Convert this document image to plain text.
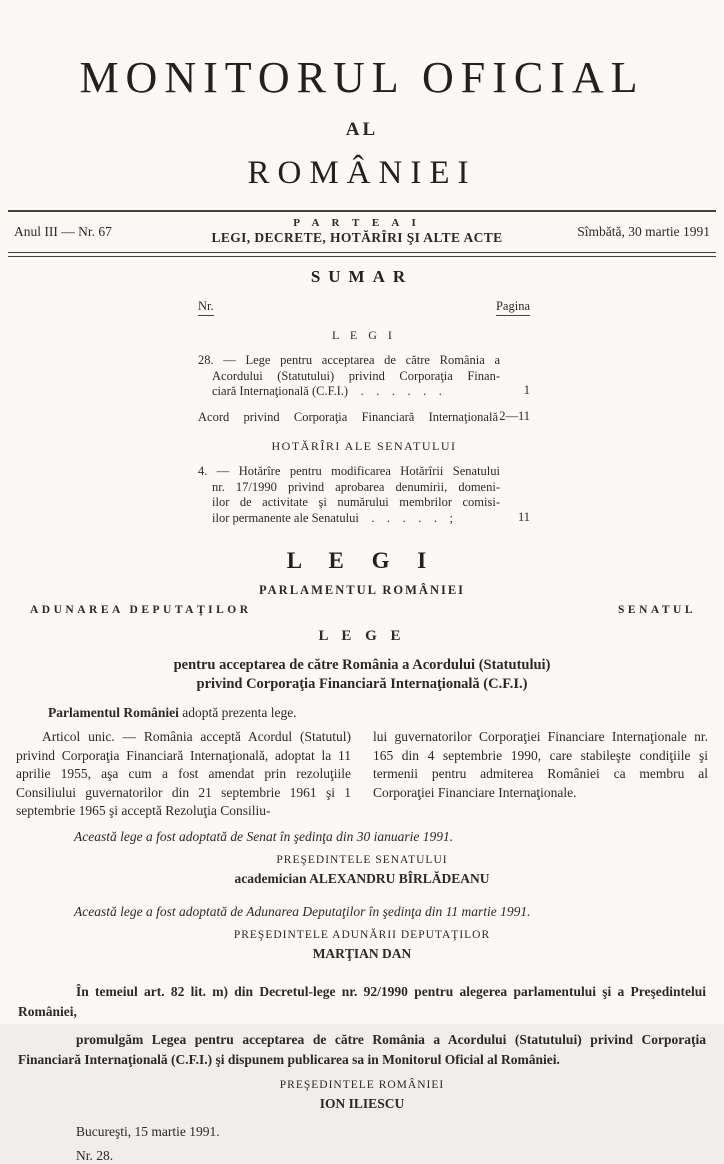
MONITORUL OFICIAL
AL
ROMÂNIEI
Anul III — Nr. 67
P A R T E A I
LEGI, DECRETE, HOTĂRÎRI ŞI ALTE ACTE	Sîmbătă, 30 martie 1991
SUMAR
Nr.	Pagina
L E G I
28. — Lege pentru acceptarea de către România a
Acordului (Statutului) privind Corporaţia Finan-
ciară Internaţională (C.F.I.)  .  .  .  .  .  .	1
Acord privind Corporaţia Financiară Internaţională 2—11
HOTĂRÎRI ALE SENATULUI
4. — Hotărîre pentru modificarea Hotărîrii Senatului
nr. 17/1990 privind aprobarea denumirii, domeni-
ilor de activitate şi numărului membrilor comisi-
ilor permanente ale Senatului  .  .  .  .  .  ;	11
L E G I
PARLAMENTUL ROMÂNIEI
ADUNAREA DEPUTAŢILOR	SENATUL
L E G E
pentru acceptarea de către România a Acordului (Statutului)
privind Corporaţia Financiară Internaţională (C.F.I.)

Parlamentul României adoptă prezenta lege.

Articol unic. — România acceptă Acordul (Statutul) privind Corporaţia Financiară Internaţională, adoptat la 11 aprilie 1955, aşa cum a fost amendat prin rezoluţiile Consiliului guvernatorilor din 21 septembrie 1961 şi 1 septembrie 1965 şi acceptă Rezoluţia Consiliu-
lui guvernatorilor Corporaţiei Financiare Internaţionale nr. 165 din 4 septembrie 1990, care stabileşte condiţiile şi termenii pentru admiterea României ca membru al Corporaţiei Financiare Internaţionale.

Această lege a fost adoptată de Senat în şedinţa din 30 ianuarie 1991.

PREŞEDINTELE SENATULUI
academician ALEXANDRU BÎRLĂDEANU

Această lege a fost adoptată de Adunarea Deputaţilor în şedinţa din 11 martie 1991.

PREŞEDINTELE ADUNĂRII DEPUTAŢILOR
MARŢIAN DAN

În temeiul art. 82 lit. m) din Decretul-lege nr. 92/1990 pentru alegerea parlamentului şi a Preşedintelui României,

promulgăm Legea pentru acceptarea de către România a Acordului (Statutului) privind Corporaţia Financiară Internaţională (C.F.I.) şi dispunem publicarea sa in Monitorul Oficial al României.

PREŞEDINTELE ROMÂNIEI
ION ILIESCU
Bucureşti, 15 martie 1991.
Nr. 28.
